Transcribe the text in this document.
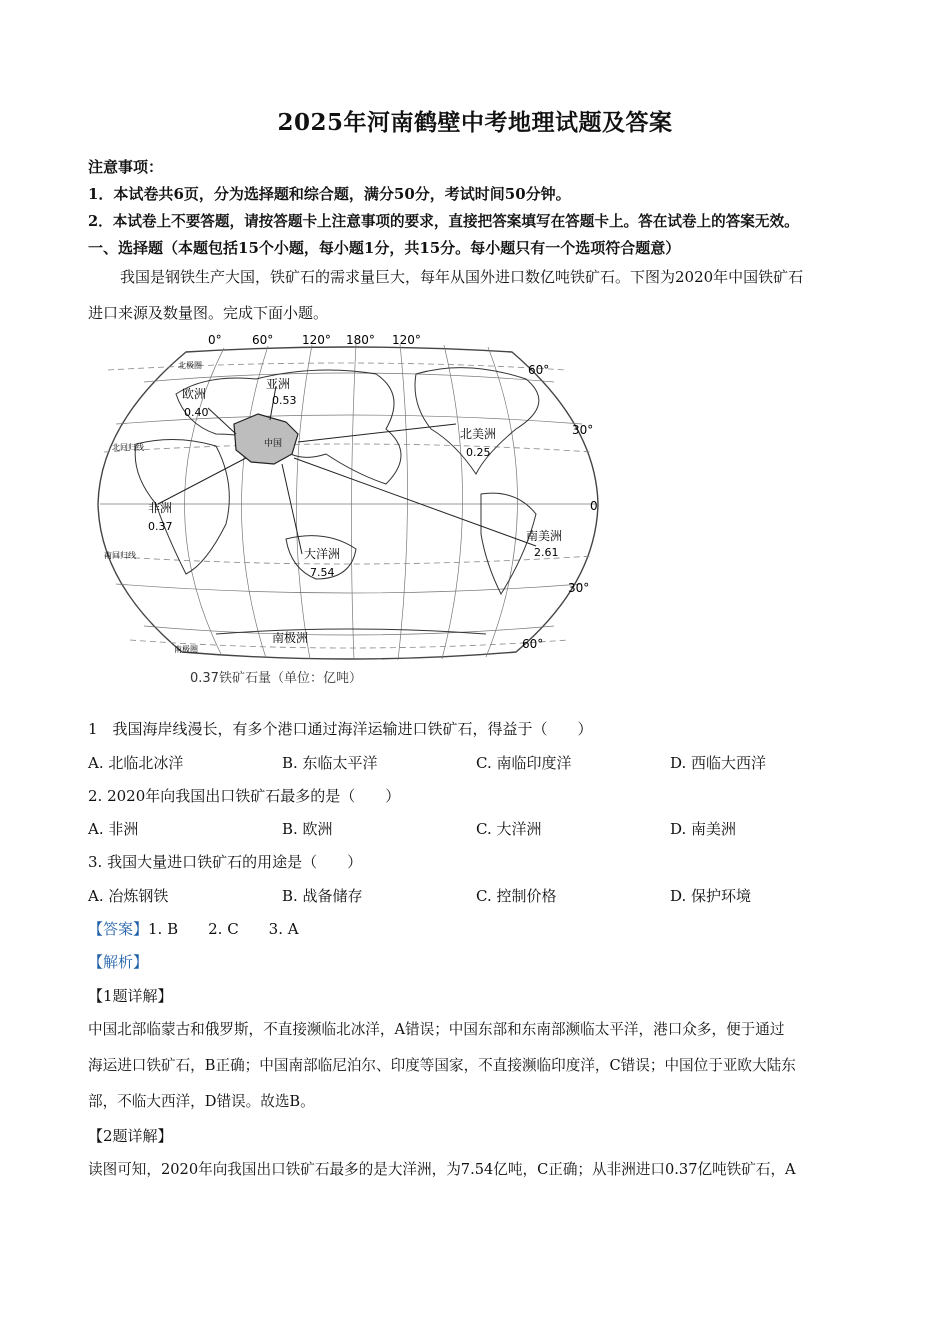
2025年河南鹤壁中考地理试题及答案
注意事项：
1．本试卷共6页，分为选择题和综合题，满分50分，考试时间50分钟。
2．本试卷上不要答题，请按答题卡上注意事项的要求，直接把答案填写在答题卡上。答在试卷上的答案无效。
一、选择题（本题包括15个小题，每小题1分，共15分。每小题只有一个选项符合题意）
我国是钢铁生产大国，铁矿石的需求量巨大，每年从国外进口数亿吨铁矿石。下图为2020年中国铁矿石
进口来源及数量图。完成下面小题。
中国
0°	60° 120° 180° 120°
60°
30°
0
30°
60°
北极圈
北回归线
南回归线
南极圈
南极洲
欧洲
0.40
亚洲
0.53
北美洲
0.25
非洲
0.37
大洋洲
7.54
南美洲
2.61
0.37铁矿石量（单位：亿吨）
1　我国海岸线漫长，有多个港口通过海洋运输进口铁矿石，得益于（　　）
A. 北临北冰洋	B. 东临太平洋	C. 南临印度洋	D. 西临大西洋
2. 2020年向我国出口铁矿石最多的是（　　）
A. 非洲	B. 欧洲	C. 大洋洲	D. 南美洲
3. 我国大量进口铁矿石的用途是（　　）
A. 冶炼钢铁	B. 战备储存	C. 控制价格	D. 保护环境
【答案】1. B　　2. C　　3. A
【解析】
【1题详解】
中国北部临蒙古和俄罗斯，不直接濒临北冰洋，A错误；中国东部和东南部濒临太平洋，港口众多，便于通过
海运进口铁矿石，B正确；中国南部临尼泊尔、印度等国家，不直接濒临印度洋，C错误；中国位于亚欧大陆东
部，不临大西洋，D错误。故选B。
【2题详解】
读图可知，2020年向我国出口铁矿石最多的是大洋洲，为7.54亿吨，C正确；从非洲进口0.37亿吨铁矿石，A
